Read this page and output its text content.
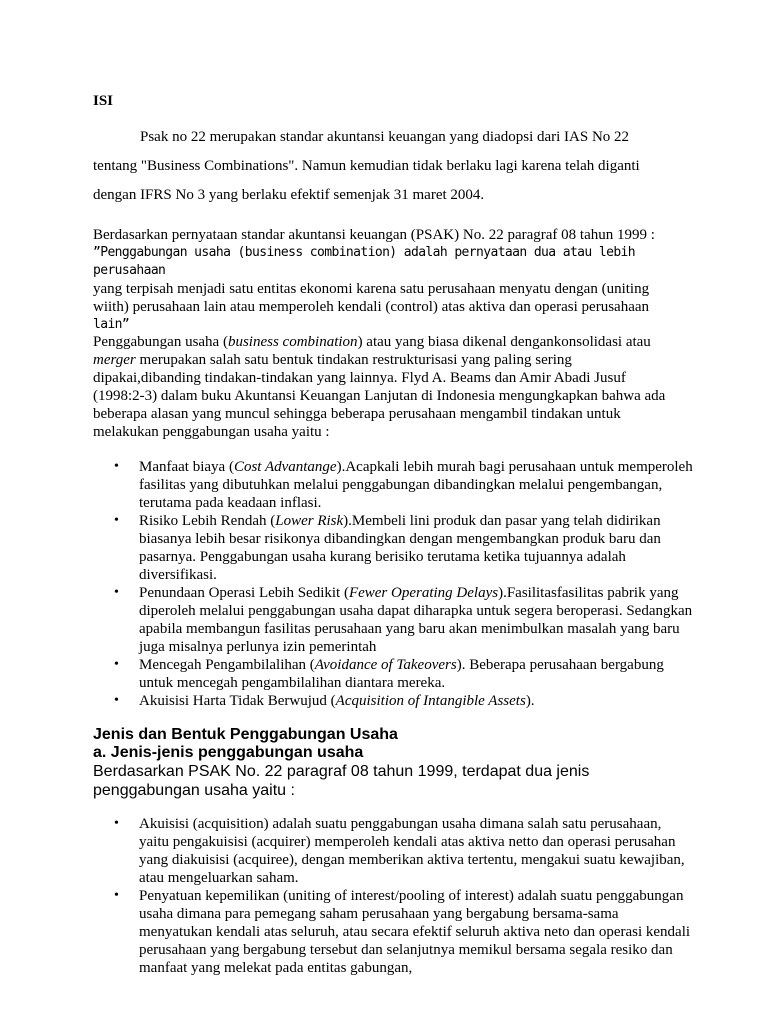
ISI
Psak no 22 merupakan standar akuntansi keuangan yang diadopsi dari IAS No 22
tentang "Business Combinations". Namun kemudian tidak berlaku lagi karena telah diganti
dengan IFRS No 3 yang berlaku efektif semenjak 31 maret 2004.
Berdasarkan pernyataan standar akuntansi keuangan (PSAK) No. 22 paragraf 08 tahun 1999 :
”Penggabungan usaha (business combination) adalah pernyataan dua atau lebih perusahaan
yang terpisah menjadi satu entitas ekonomi karena satu perusahaan menyatu dengan (uniting
wiith) perusahaan lain atau memperoleh kendali (control) atas aktiva dan operasi perusahaan
lain”
Penggabungan usaha (business combination) atau yang biasa dikenal dengankonsolidasi atau
merger merupakan salah satu bentuk tindakan restrukturisasi yang paling sering dipakai,dibanding tindakan-tindakan yang lainnya. Flyd A. Beams dan Amir Abadi Jusuf (1998:2-3) dalam buku Akuntansi Keuangan Lanjutan di Indonesia mengungkapkan bahwa ada beberapa alasan yang muncul sehingga beberapa perusahaan mengambil tindakan untuk melakukan penggabungan usaha yaitu :
• Manfaat biaya (Cost Advantange).Acapkali lebih murah bagi perusahaan untuk memperoleh fasilitas yang dibutuhkan melalui penggabungan dibandingkan melalui pengembangan, terutama pada keadaan inflasi.
• Risiko Lebih Rendah (Lower Risk).Membeli lini produk dan pasar yang telah didirikan biasanya lebih besar risikonya dibandingkan dengan mengembangkan produk baru dan pasarnya. Penggabungan usaha kurang berisiko terutama ketika tujuannya adalah diversifikasi.
• Penundaan Operasi Lebih Sedikit (Fewer Operating Delays).Fasilitasfasilitas pabrik yang diperoleh melalui penggabungan usaha dapat diharapka untuk segera beroperasi. Sedangkan apabila membangun fasilitas perusahaan yang baru akan menimbulkan masalah yang baru juga misalnya perlunya izin pemerintah
• Mencegah Pengambilalihan (Avoidance of Takeovers). Beberapa perusahaan bergabung untuk mencegah pengambilalihan diantara mereka.
• Akuisisi Harta Tidak Berwujud (Acquisition of Intangible Assets).
Jenis dan Bentuk Penggabungan Usaha
a. Jenis-jenis penggabungan usaha
Berdasarkan PSAK No. 22 paragraf 08 tahun 1999, terdapat dua jenis penggabungan usaha yaitu :
• Akuisisi (acquisition) adalah suatu penggabungan usaha dimana salah satu perusahaan, yaitu pengakuisisi (acquirer) memperoleh kendali atas aktiva netto dan operasi perusahan yang diakuisisi (acquiree), dengan memberikan aktiva tertentu, mengakui suatu kewajiban, atau mengeluarkan saham.
• Penyatuan kepemilikan (uniting of interest/pooling of interest) adalah suatu penggabungan usaha dimana para pemegang saham perusahaan yang bergabung bersama-sama menyatukan kendali atas seluruh, atau secara efektif seluruh aktiva neto dan operasi kendali perusahaan yang bergabung tersebut dan selanjutnya memikul bersama segala resiko dan manfaat yang melekat pada entitas gabungan,
